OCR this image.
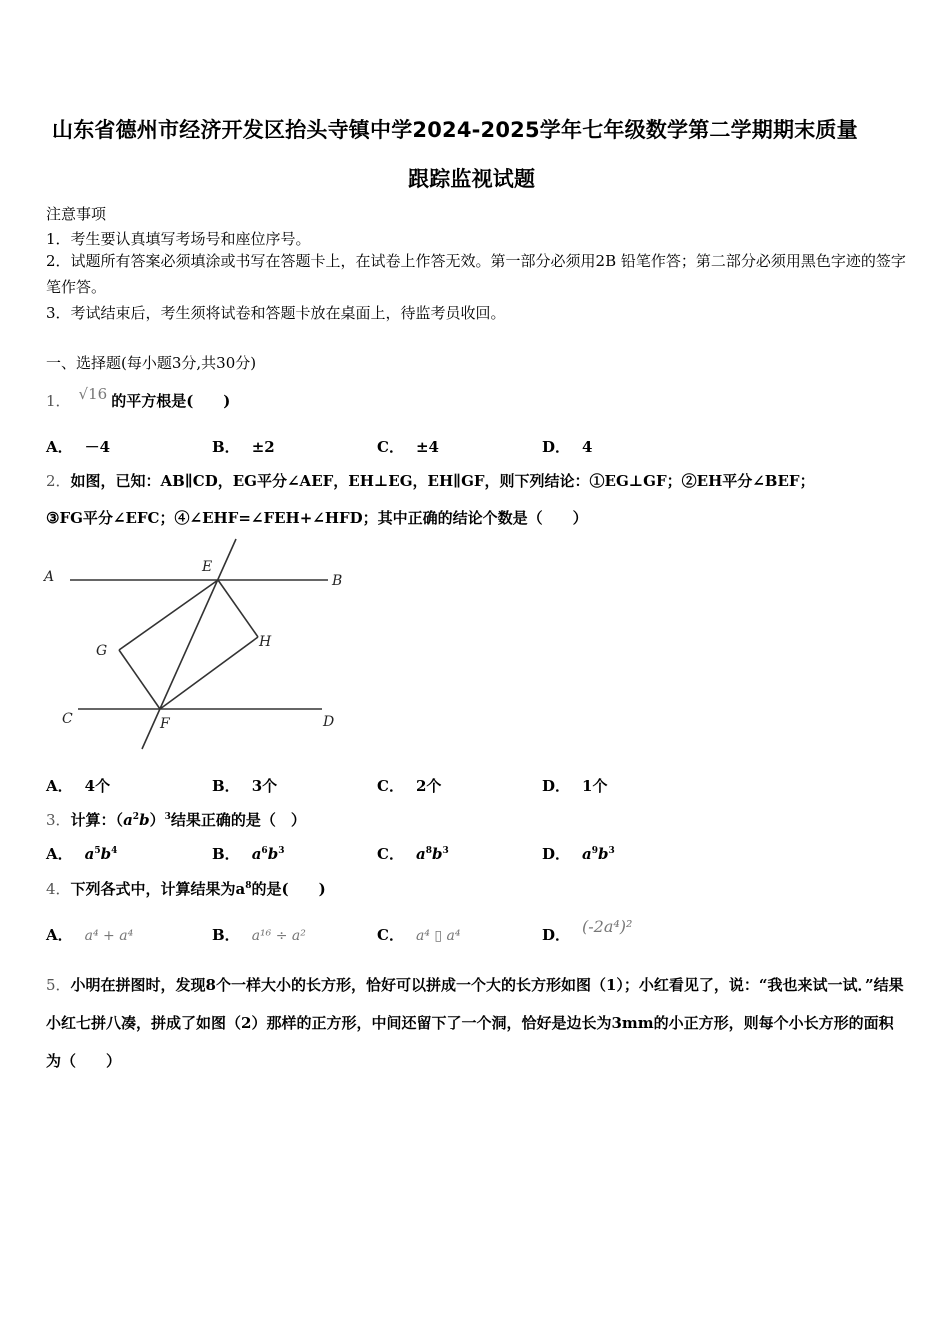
山东省德州市经济开发区抬头寺镇中学2024-2025学年七年级数学第二学期期末质量
跟踪监视试题
注意事项
1．考生要认真填写考场号和座位序号。
2．试题所有答案必须填涂或书写在答题卡上，在试卷上作答无效。第一部分必须用2B 铅笔作答；第二部分必须用黑色字迹的签字笔作答。
3．考试结束后，考生须将试卷和答题卡放在桌面上，待监考员收回。
一、选择题(每小题3分,共30分)
1． √16 的平方根是(　　)
A． －4	B． ±2	C． ±4	D． 4
2．如图，已知：AB∥CD，EG平分∠AEF，EH⊥EG，EH∥GF，则下列结论：①EG⊥GF；②EH平分∠BEF；
③FG平分∠EFC；④∠EHF=∠FEH+∠HFD；其中正确的结论个数是（　　）
A	B
C	D
E
F
G
H
A． 4个	B． 3个	C． 2个	D． 1个
3．计算：$(a^2b)^3$结果正确的是（　）
A． $a^5b^4$	B． $a^6b^3$	C． $a^8b^3$	D． $a^9b^3$
4．下列各式中，计算结果为$a^8$的是(　　)
A． a⁴ + a⁴	B． a¹⁶ ÷ a²	C． a⁴ ▯ a⁴	D． (-2a⁴)²
5．小明在拼图时，发现8个一样大小的长方形，恰好可以拼成一个大的长方形如图（1）；小红看见了，说：“我也来试一试．”结果小红七拼八凑，拼成了如图（2）那样的正方形，中间还留下了一个洞，恰好是边长为3mm的小正方形，则每个小长方形的面积为（　　）
